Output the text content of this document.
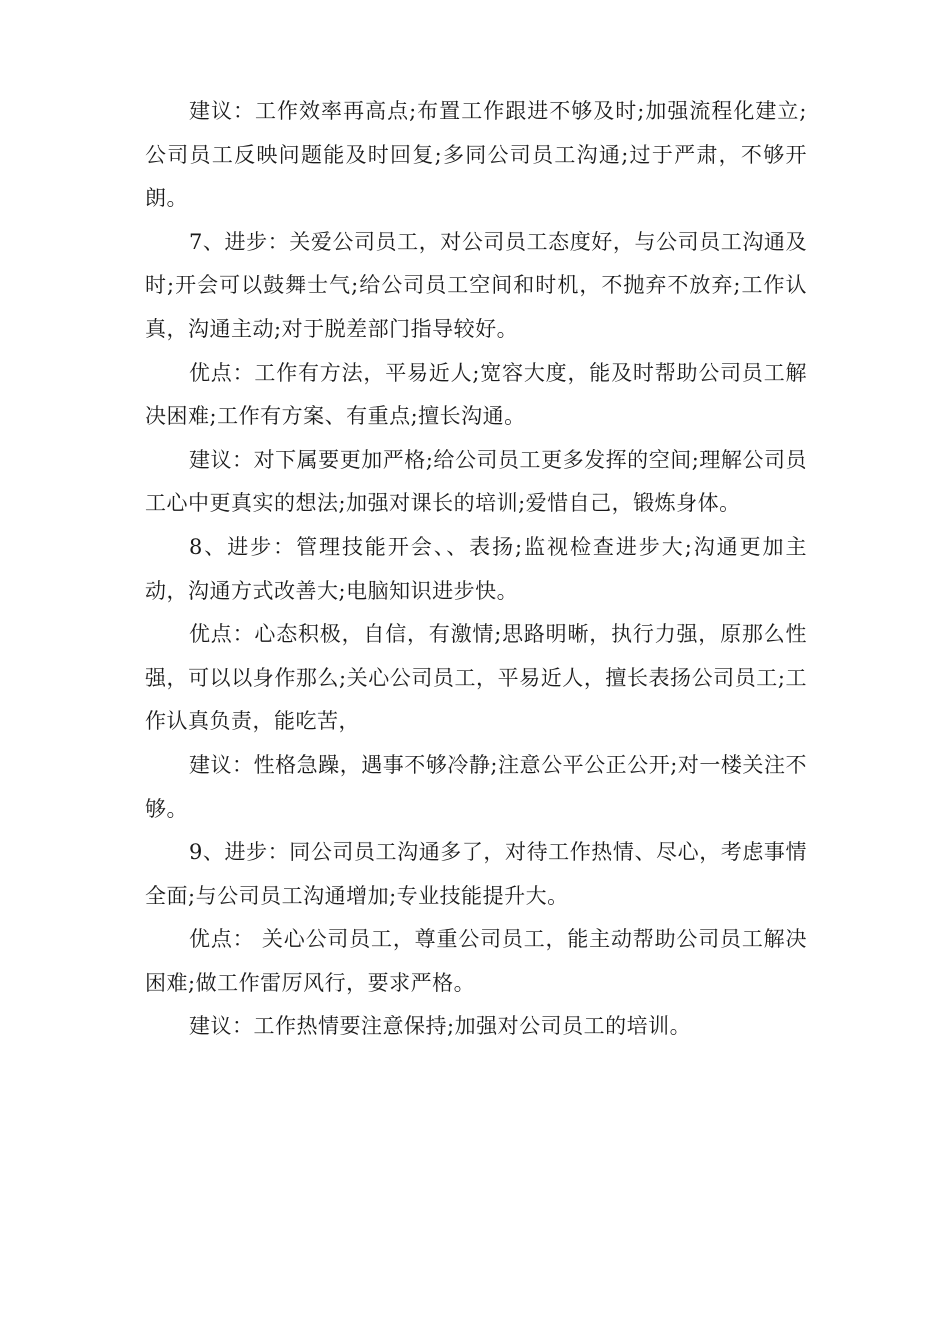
建议：工作效率再高点;布置工作跟进不够及时;加强流程化建立;公司员工反映问题能及时回复;多同公司员工沟通;过于严肃，不够开朗。

7、进步：关爱公司员工，对公司员工态度好，与公司员工沟通及时;开会可以鼓舞士气;给公司员工空间和时机，不抛弃不放弃;工作认真，沟通主动;对于脱差部门指导较好。

优点：工作有方法，平易近人;宽容大度，能及时帮助公司员工解决困难;工作有方案、有重点;擅长沟通。

建议：对下属要更加严格;给公司员工更多发挥的空间;理解公司员工心中更真实的想法;加强对课长的培训;爱惜自己，锻炼身体。

8、进步：管理技能开会、、表扬;监视检查进步大;沟通更加主动，沟通方式改善大;电脑知识进步快。

优点：心态积极，自信，有激情;思路明晰，执行力强，原那么性强，可以以身作那么;关心公司员工，平易近人，擅长表扬公司员工;工作认真负责，能吃苦，

建议：性格急躁，遇事不够冷静;注意公平公正公开;对一楼关注不够。

9、进步：同公司员工沟通多了，对待工作热情、尽心，考虑事情全面;与公司员工沟通增加;专业技能提升大。

优点： 关心公司员工，尊重公司员工，能主动帮助公司员工解决困难;做工作雷厉风行，要求严格。

建议：工作热情要注意保持;加强对公司员工的培训。
